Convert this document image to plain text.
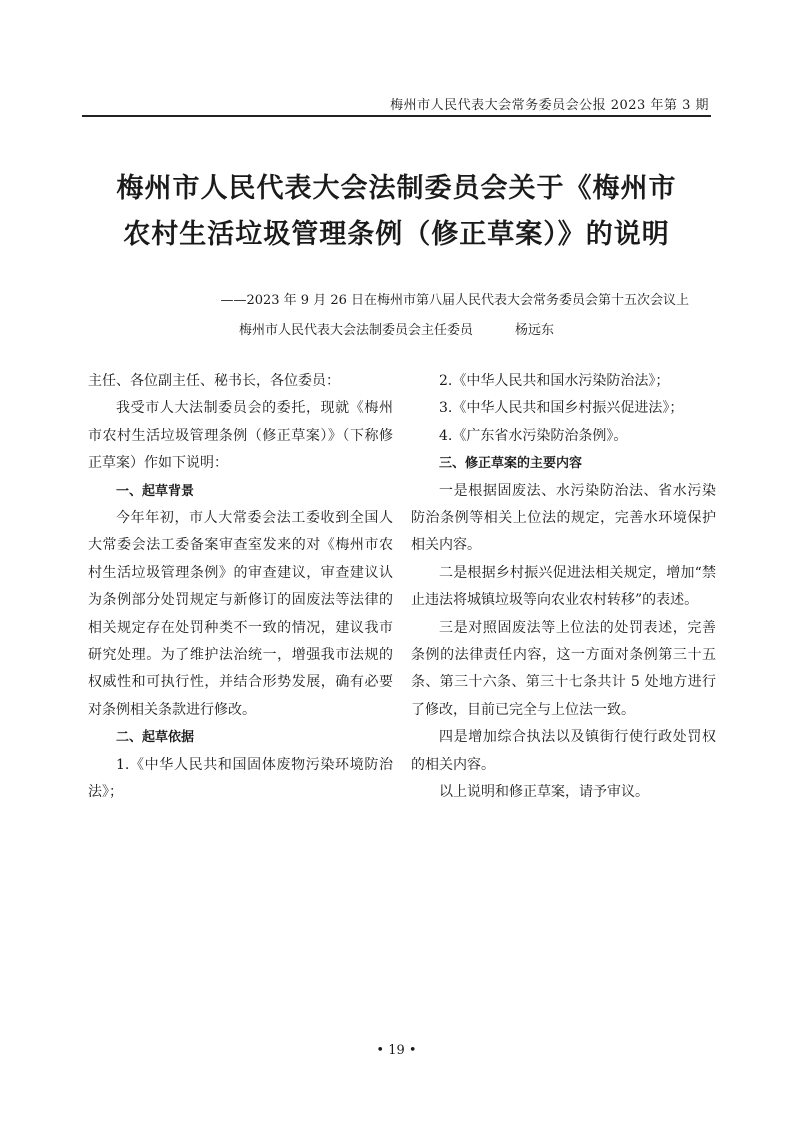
梅州市人民代表大会常务委员会公报 2023 年第 3 期
梅州市人民代表大会法制委员会关于《梅州市
农村生活垃圾管理条例（修正草案）》的说明
——2023 年 9 月 26 日在梅州市第八届人民代表大会常务委员会第十五次会议上
梅州市人民代表大会法制委员会主任委员	杨远东

主任、各位副主任、秘书长，各位委员：

我受市人大法制委员会的委托，现就《梅州市农村生活垃圾管理条例（修正草案）》（下称修正草案）作如下说明：

一、起草背景

今年年初，市人大常委会法工委收到全国人大常委会法工委备案审查室发来的对《梅州市农村生活垃圾管理条例》的审查建议，审查建议认为条例部分处罚规定与新修订的固废法等法律的相关规定存在处罚种类不一致的情况，建议我市研究处理。为了维护法治统一，增强我市法规的权威性和可执行性，并结合形势发展，确有必要对条例相关条款进行修改。

二、起草依据

1.《中华人民共和国固体废物污染环境防治法》；

2.《中华人民共和国水污染防治法》；

3.《中华人民共和国乡村振兴促进法》；

4.《广东省水污染防治条例》。

三、修正草案的主要内容

一是根据固废法、水污染防治法、省水污染防治条例等相关上位法的规定，完善水环境保护相关内容。

二是根据乡村振兴促进法相关规定，增加“禁止违法将城镇垃圾等向农业农村转移”的表述。

三是对照固废法等上位法的处罚表述，完善条例的法律责任内容，这一方面对条例第三十五条、第三十六条、第三十七条共计 5 处地方进行了修改，目前已完全与上位法一致。

四是增加综合执法以及镇街行使行政处罚权的相关内容。

以上说明和修正草案，请予审议。

• 19 •
